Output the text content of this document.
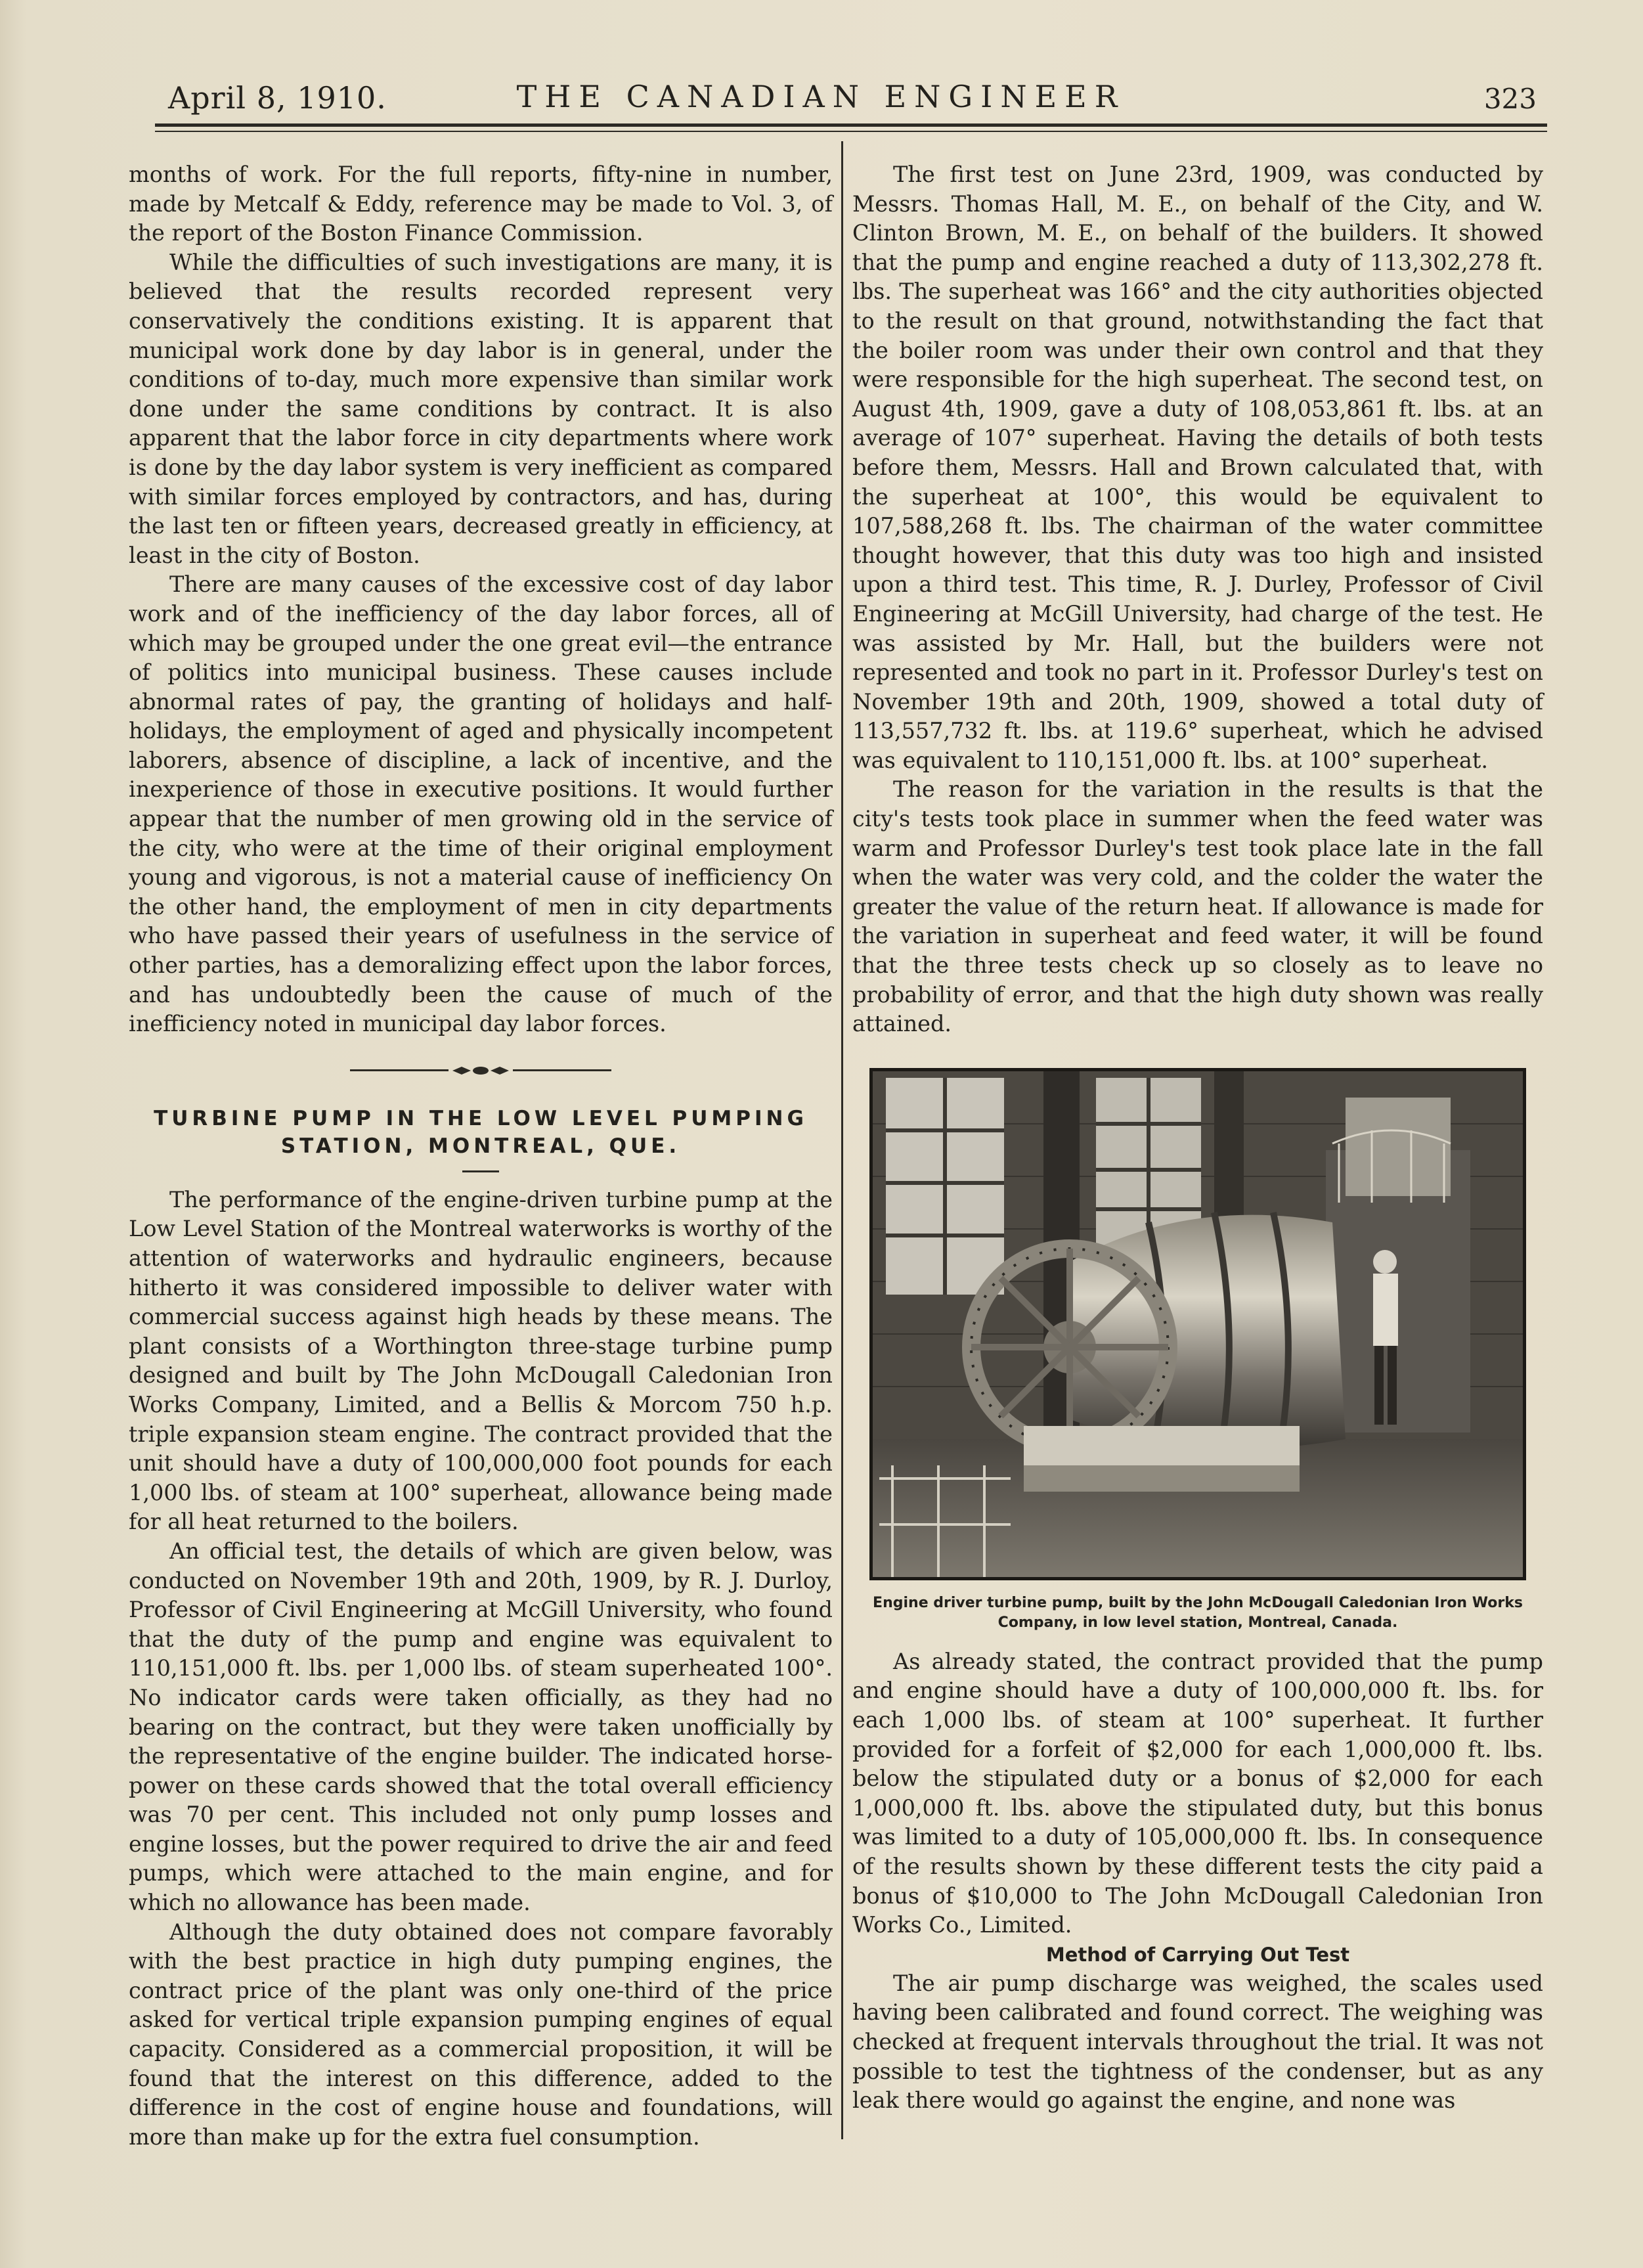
April 8, 1910.	THE CANADIAN ENGINEER	323

months of work. For the full reports, fifty-nine in number, made by Metcalf & Eddy, reference may be made to Vol. 3, of the report of the Boston Finance Commission.

While the difficulties of such investigations are many, it is believed that the results recorded represent very conservatively the conditions existing. It is apparent that municipal work done by day labor is in general, under the conditions of to-day, much more expensive than similar work done under the same conditions by contract. It is also apparent that the labor force in city departments where work is done by the day labor system is very inefficient as compared with similar forces employed by contractors, and has, during the last ten or fifteen years, decreased greatly in efficiency, at least in the city of Boston.

There are many causes of the excessive cost of day labor work and of the inefficiency of the day labor forces, all of which may be grouped under the one great evil—the entrance of politics into municipal business. These causes include abnormal rates of pay, the granting of holidays and half-holidays, the employment of aged and physically incompetent laborers, absence of discipline, a lack of incentive, and the inexperience of those in executive positions. It would further appear that the number of men growing old in the service of the city, who were at the time of their original employment young and vigorous, is not a material cause of inefficiency On the other hand, the employment of men in city departments who have passed their years of usefulness in the service of other parties, has a demoralizing effect upon the labor forces, and has undoubtedly been the cause of much of the inefficiency noted in municipal day labor forces.

TURBINE PUMP IN THE LOW LEVEL PUMPING STATION, MONTREAL, QUE.

The performance of the engine-driven turbine pump at the Low Level Station of the Montreal waterworks is worthy of the attention of waterworks and hydraulic engineers, because hitherto it was considered impossible to deliver water with commercial success against high heads by these means. The plant consists of a Worthington three-stage turbine pump designed and built by The John McDougall Caledonian Iron Works Company, Limited, and a Bellis & Morcom 750 h.p. triple expansion steam engine. The contract provided that the unit should have a duty of 100,000,000 foot pounds for each 1,000 lbs. of steam at 100° superheat, allowance being made for all heat returned to the boilers.

An official test, the details of which are given below, was conducted on November 19th and 20th, 1909, by R. J. Durloy, Professor of Civil Engineering at McGill University, who found that the duty of the pump and engine was equivalent to 110,151,000 ft. lbs. per 1,000 lbs. of steam superheated 100°. No indicator cards were taken officially, as they had no bearing on the contract, but they were taken unofficially by the representative of the engine builder. The indicated horse-power on these cards showed that the total overall efficiency was 70 per cent. This included not only pump losses and engine losses, but the power required to drive the air and feed pumps, which were attached to the main engine, and for which no allowance has been made.

Although the duty obtained does not compare favorably with the best practice in high duty pumping engines, the contract price of the plant was only one-third of the price asked for vertical triple expansion pumping engines of equal capacity. Considered as a commercial proposition, it will be found that the interest on this difference, added to the difference in the cost of engine house and foundations, will more than make up for the extra fuel consumption.

The first test on June 23rd, 1909, was conducted by Messrs. Thomas Hall, M. E., on behalf of the City, and W. Clinton Brown, M. E., on behalf of the builders. It showed that the pump and engine reached a duty of 113,302,278 ft. lbs. The superheat was 166° and the city authorities objected to the result on that ground, notwithstanding the fact that the boiler room was under their own control and that they were responsible for the high superheat. The second test, on August 4th, 1909, gave a duty of 108,053,861 ft. lbs. at an average of 107° superheat. Having the details of both tests before them, Messrs. Hall and Brown calculated that, with the superheat at 100°, this would be equivalent to 107,588,268 ft. lbs. The chairman of the water committee thought however, that this duty was too high and insisted upon a third test. This time, R. J. Durley, Professor of Civil Engineering at McGill University, had charge of the test. He was assisted by Mr. Hall, but the builders were not represented and took no part in it. Professor Durley's test on November 19th and 20th, 1909, showed a total duty of 113,557,732 ft. lbs. at 119.6° superheat, which he advised was equivalent to 110,151,000 ft. lbs. at 100° superheat.

The reason for the variation in the results is that the city's tests took place in summer when the feed water was warm and Professor Durley's test took place late in the fall when the water was very cold, and the colder the water the greater the value of the return heat. If allowance is made for the variation in superheat and feed water, it will be found that the three tests check up so closely as to leave no probability of error, and that the high duty shown was really attained.

Engine driver turbine pump, built by the John McDougall Caledonian Iron Works Company, in low level station, Montreal, Canada.

As already stated, the contract provided that the pump and engine should have a duty of 100,000,000 ft. lbs. for each 1,000 lbs. of steam at 100° superheat. It further provided for a forfeit of $2,000 for each 1,000,000 ft. lbs. below the stipulated duty or a bonus of $2,000 for each 1,000,000 ft. lbs. above the stipulated duty, but this bonus was limited to a duty of 105,000,000 ft. lbs. In consequence of the results shown by these different tests the city paid a bonus of $10,000 to The John McDougall Caledonian Iron Works Co., Limited.

Method of Carrying Out Test

The air pump discharge was weighed, the scales used having been calibrated and found correct. The weighing was checked at frequent intervals throughout the trial. It was not possible to test the tightness of the condenser, but as any leak there would go against the engine, and none was
